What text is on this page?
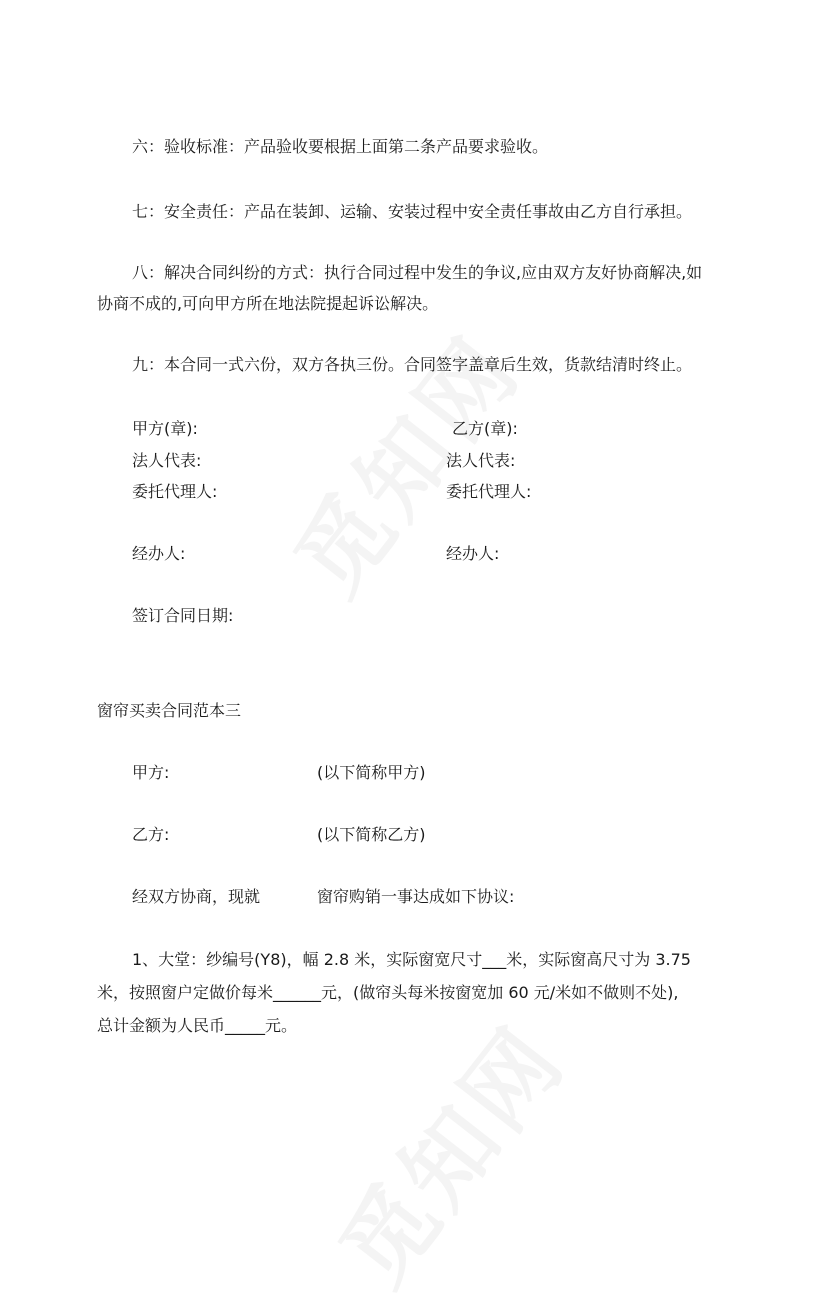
六：验收标准：产品验收要根据上面第二条产品要求验收。
七：安全责任：产品在装卸、运输、安装过程中安全责任事故由乙方自行承担。
八：解决合同纠纷的方式：执行合同过程中发生的争议,应由双方友好协商解决,如
协商不成的,可向甲方所在地法院提起诉讼解决。
九：本合同一式六份，双方各执三份。合同签字盖章后生效，货款结清时终止。
甲方(章):	乙方(章):
法人代表:	法人代表:
委托代理人:	委托代理人:
经办人:	经办人:
签订合同日期:
窗帘买卖合同范本三
甲方:	(以下简称甲方)
乙方:	(以下简称乙方)
经双方协商，现就	窗帘购销一事达成如下协议:
1、大堂：纱编号(Y8)，幅 2.8 米，实际窗宽尺寸___米，实际窗高尺寸为 3.75
米，按照窗户定做价每米______元，(做帘头每米按窗宽加 60 元/米如不做则不处),
总计金额为人民币_____元。
